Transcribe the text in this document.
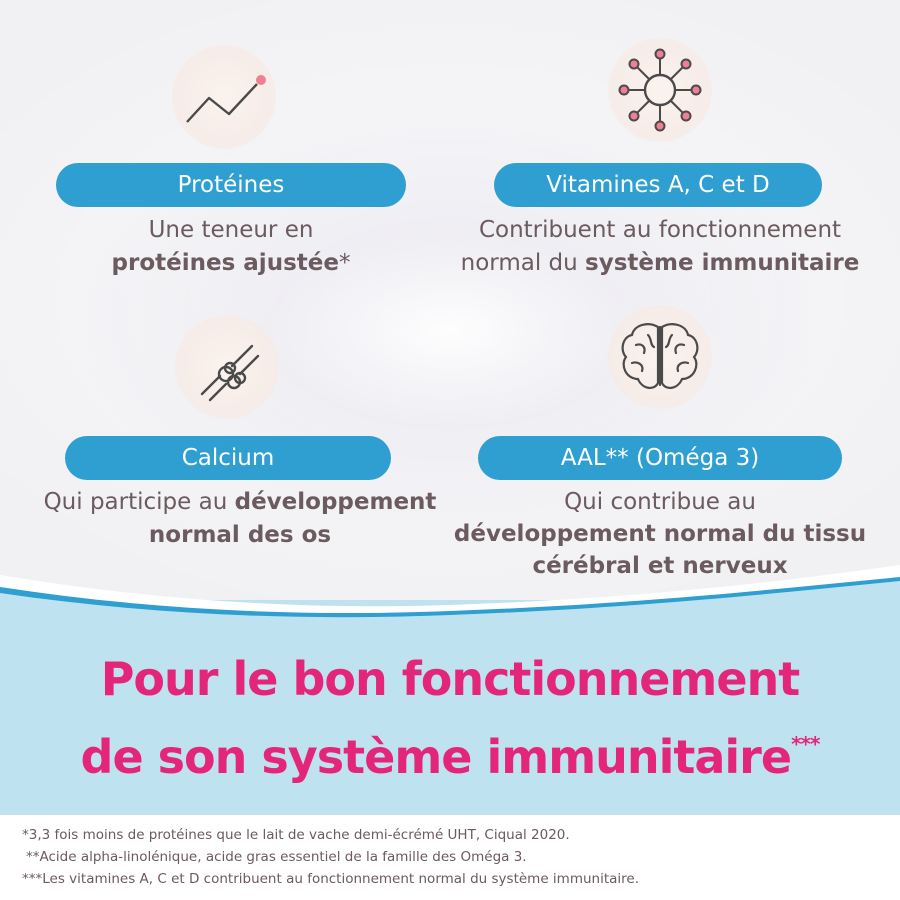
Protéines
Une teneur en
protéines ajustée*
Vitamines A, C et D
Contribuent au fonctionnement
normal du système immunitaire
Calcium
Qui participe au développement
normal des os
AAL** (Oméga 3)
Qui contribue au
développement normal du tissu
cérébral et nerveux
Pour le bon fonctionnement
de son système immunitaire***
*3,3 fois moins de protéines que le lait de vache demi-écrémé UHT, Ciqual 2020.
**Acide alpha-linolénique, acide gras essentiel de la famille des Oméga 3.
***Les vitamines A, C et D contribuent au fonctionnement normal du système immunitaire.
